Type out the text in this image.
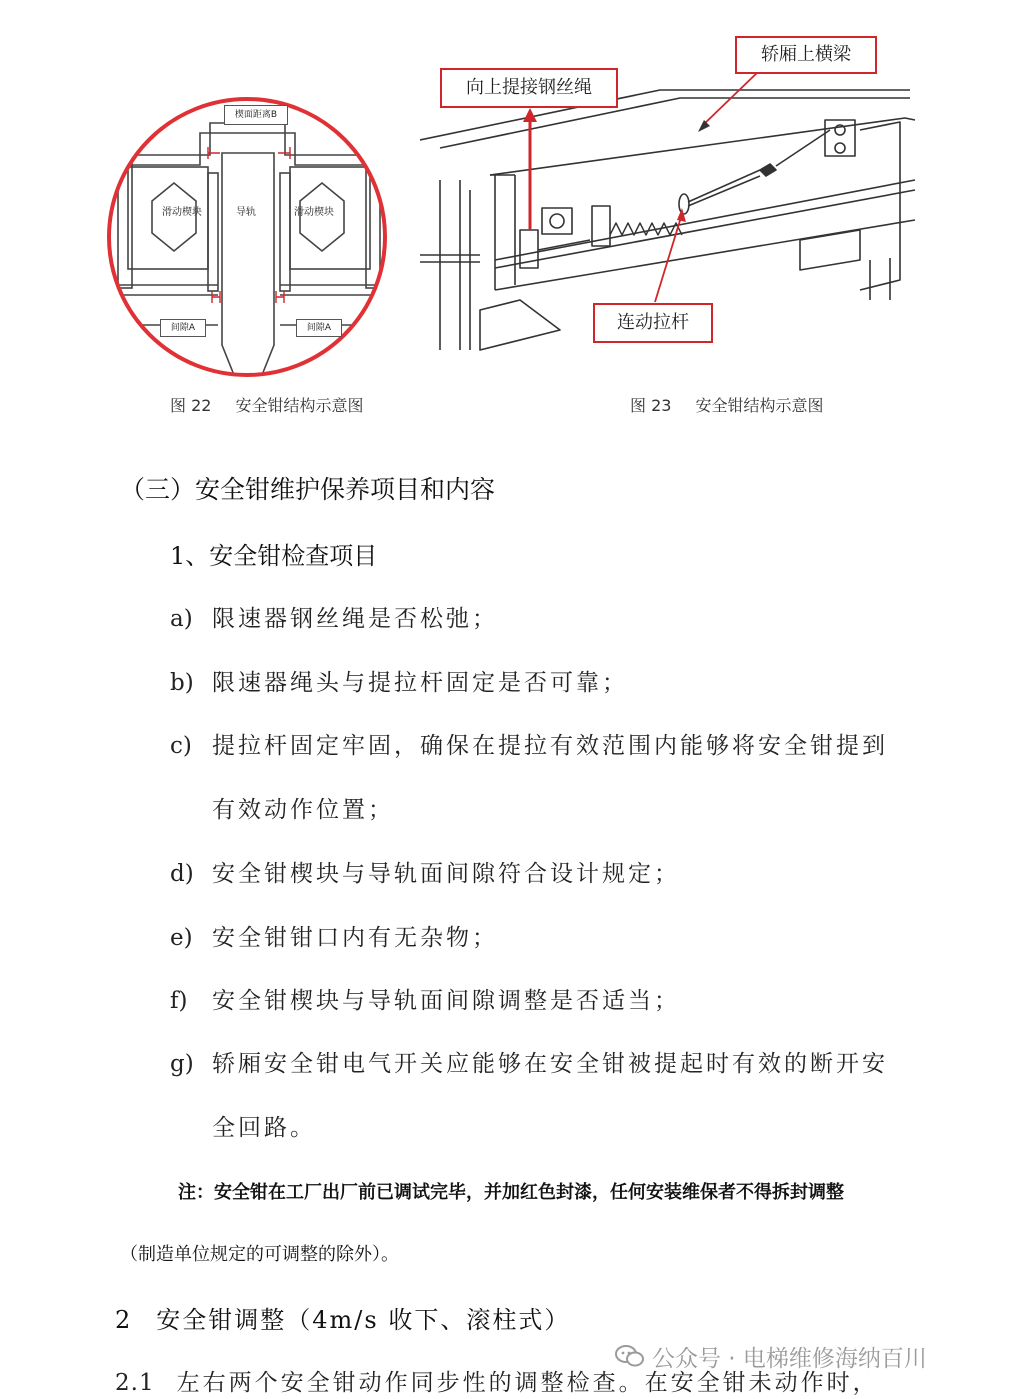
楔面距离B
滑动楔块	导轨	滑动楔块
间隙A	间隙A
图 22 安全钳结构示意图
向上提接钢丝绳
轿厢上横梁
连动拉杆
图 23 安全钳结构示意图
（三）安全钳维护保养项目和内容
1、安全钳检查项目
a) 限速器钢丝绳是否松弛；
b) 限速器绳头与提拉杆固定是否可靠；
c) 提拉杆固定牢固，确保在提拉有效范围内能够将安全钳提到
有效动作位置；
d) 安全钳楔块与导轨面间隙符合设计规定；
e) 安全钳钳口内有无杂物；
f) 安全钳楔块与导轨面间隙调整是否适当；
g) 轿厢安全钳电气开关应能够在安全钳被提起时有效的断开安
全回路。
注：安全钳在工厂出厂前已调试完毕，并加红色封漆，任何安装维保者不得拆封调整
（制造单位规定的可调整的除外）。
2 安全钳调整（4m/s 收下、滚柱式）
2.1 左右两个安全钳动作同步性的调整检查。在安全钳未动作时，
公众号 · 电梯维修海纳百川
